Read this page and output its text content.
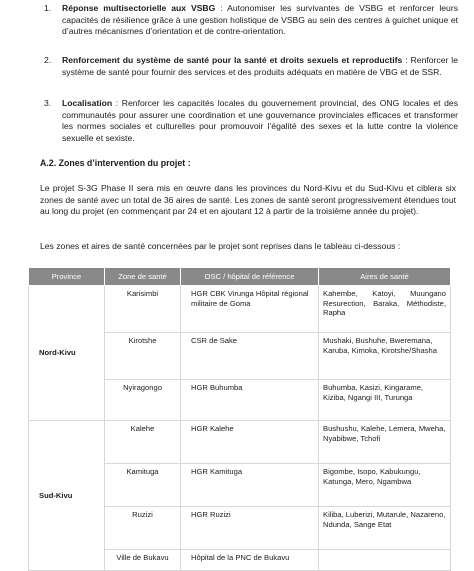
1. Réponse multisectorielle aux VSBG : Autonomiser les survivantes de VSBG et renforcer leurs capacités de résilience grâce à une gestion holistique de VSBG au sein des centres à guichet unique et d’autres mécanismes d’orientation et de contre-orientation.
2. Renforcement du système de santé pour la santé et droits sexuels et reproductifs : Renforcer le système de santé pour fournir des services et des produits adéquats en matière de VBG et de SSR.
3. Localisation : Renforcer les capacités locales du gouvernement provincial, des ONG locales et des communautés pour assurer une coordination et une gouvernance provinciales efficaces et transformer les normes sociales et culturelles pour promouvoir l’égalité des sexes et la lutte contre la violence sexuelle et sexiste.
A.2. Zones d’intervention du projet :
Le projet S-3G Phase II sera mis en œuvre dans les provinces du Nord-Kivu et du Sud-Kivu et ciblera six zones de santé avec un total de 36 aires de santé. Les zones de santé seront progressivement étendues tout au long du projet (en commençant par 24 et en ajoutant 12 à partir de la troisième année du projet).
Les zones et aires de santé concernées par le projet sont reprises dans le tableau ci-dessous :
Province	Zone de santé	OSC / hôpital de référence	Aires de santé
Nord-Kivu	Karisimbi	HGR CBK Virunga Hôpital régional militaire de Goma	Kahembe, Katoyi, Muungano Resurection, Baraka, Méthodiste, Rapha
	Kirotshe	CSR de Sake	Mushaki, Bushuhe, Bweremana, Karuba, Kimoka, Kirotshe/Shasha
	Nyiragongo	HGR Buhumba	Buhumba, Kasizi, Kingarame, Kiziba, Ngangi III, Turunga
Sud-Kivu	Kalehe	HGR Kalehe	Bushushu, Kalehe, Lemera, Mweha, Nyabibwe, Tchofi
	Kamituga	HGR Kamituga	Bigombe, Isopo, Kabukungu, Katunga, Mero, Ngambwa
	Ruzizi	HGR Ruzizi	Kiliba, Luberizi, Mutarule, Nazareno, Ndunda, Sange Etat
	Ville de Bukavu	Hôpital de la PNC de Bukavu	
